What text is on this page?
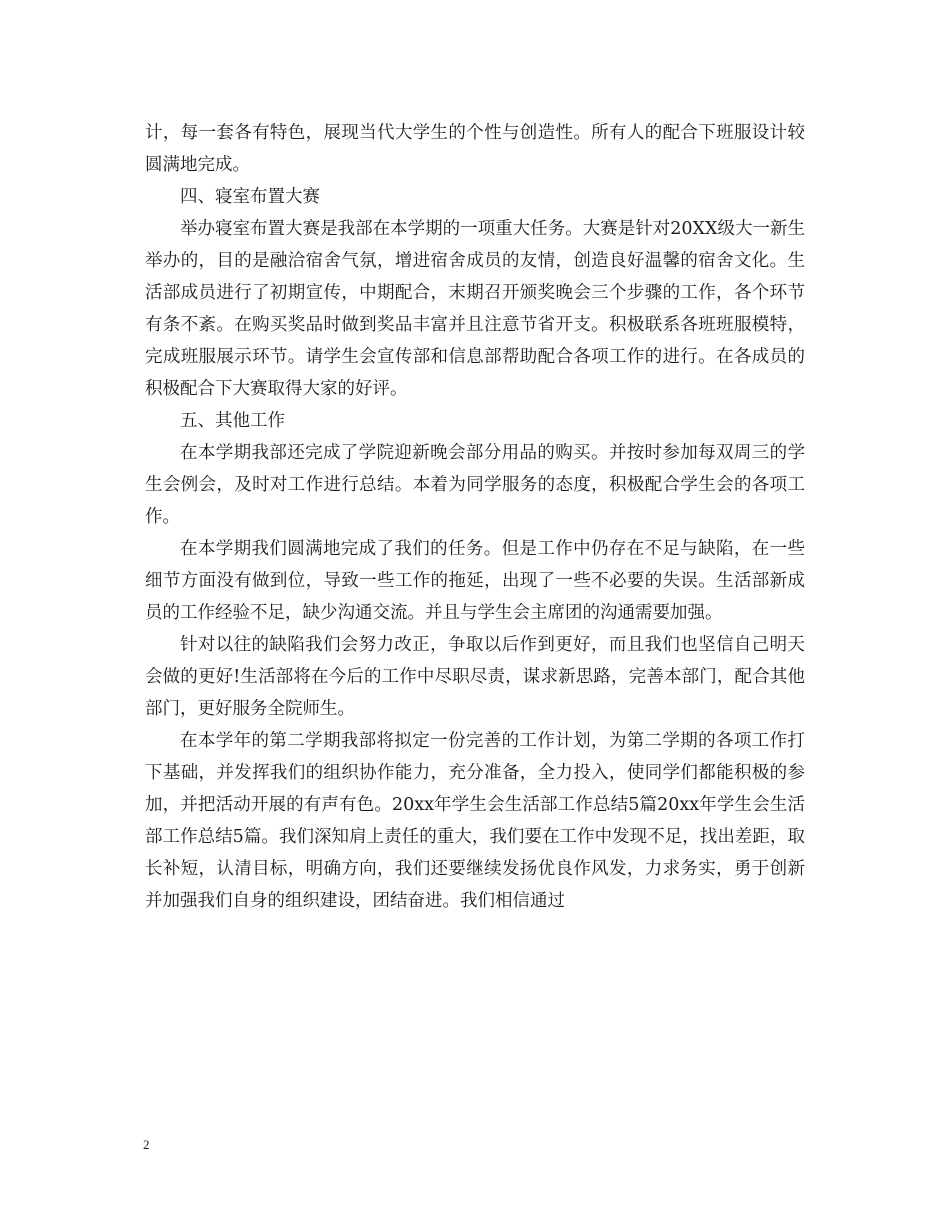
计，每一套各有特色，展现当代大学生的个性与创造性。所有人的配合下班服设计较圆满地完成。

四、寝室布置大赛

举办寝室布置大赛是我部在本学期的一项重大任务。大赛是针对20XX级大一新生举办的，目的是融洽宿舍气氛，增进宿舍成员的友情，创造良好温馨的宿舍文化。生活部成员进行了初期宣传，中期配合，末期召开颁奖晚会三个步骤的工作，各个环节有条不紊。在购买奖品时做到奖品丰富并且注意节省开支。积极联系各班班服模特，完成班服展示环节。请学生会宣传部和信息部帮助配合各项工作的进行。在各成员的积极配合下大赛取得大家的好评。

五、其他工作

在本学期我部还完成了学院迎新晚会部分用品的购买。并按时参加每双周三的学生会例会，及时对工作进行总结。本着为同学服务的态度，积极配合学生会的各项工作。

在本学期我们圆满地完成了我们的任务。但是工作中仍存在不足与缺陷，在一些细节方面没有做到位，导致一些工作的拖延，出现了一些不必要的失误。生活部新成员的工作经验不足，缺少沟通交流。并且与学生会主席团的沟通需要加强。

针对以往的缺陷我们会努力改正，争取以后作到更好，而且我们也坚信自己明天会做的更好!生活部将在今后的工作中尽职尽责，谋求新思路，完善本部门，配合其他部门，更好服务全院师生。

在本学年的第二学期我部将拟定一份完善的工作计划，为第二学期的各项工作打下基础，并发挥我们的组织协作能力，充分准备，全力投入，使同学们都能积极的参加，并把活动开展的有声有色。20xx年学生会生活部工作总结5篇20xx年学生会生活部工作总结5篇。我们深知肩上责任的重大，我们要在工作中发现不足，找出差距，取长补短，认清目标，明确方向，我们还要继续发扬优良作风发，力求务实，勇于创新并加强我们自身的组织建设，团结奋进。我们相信通过

2
